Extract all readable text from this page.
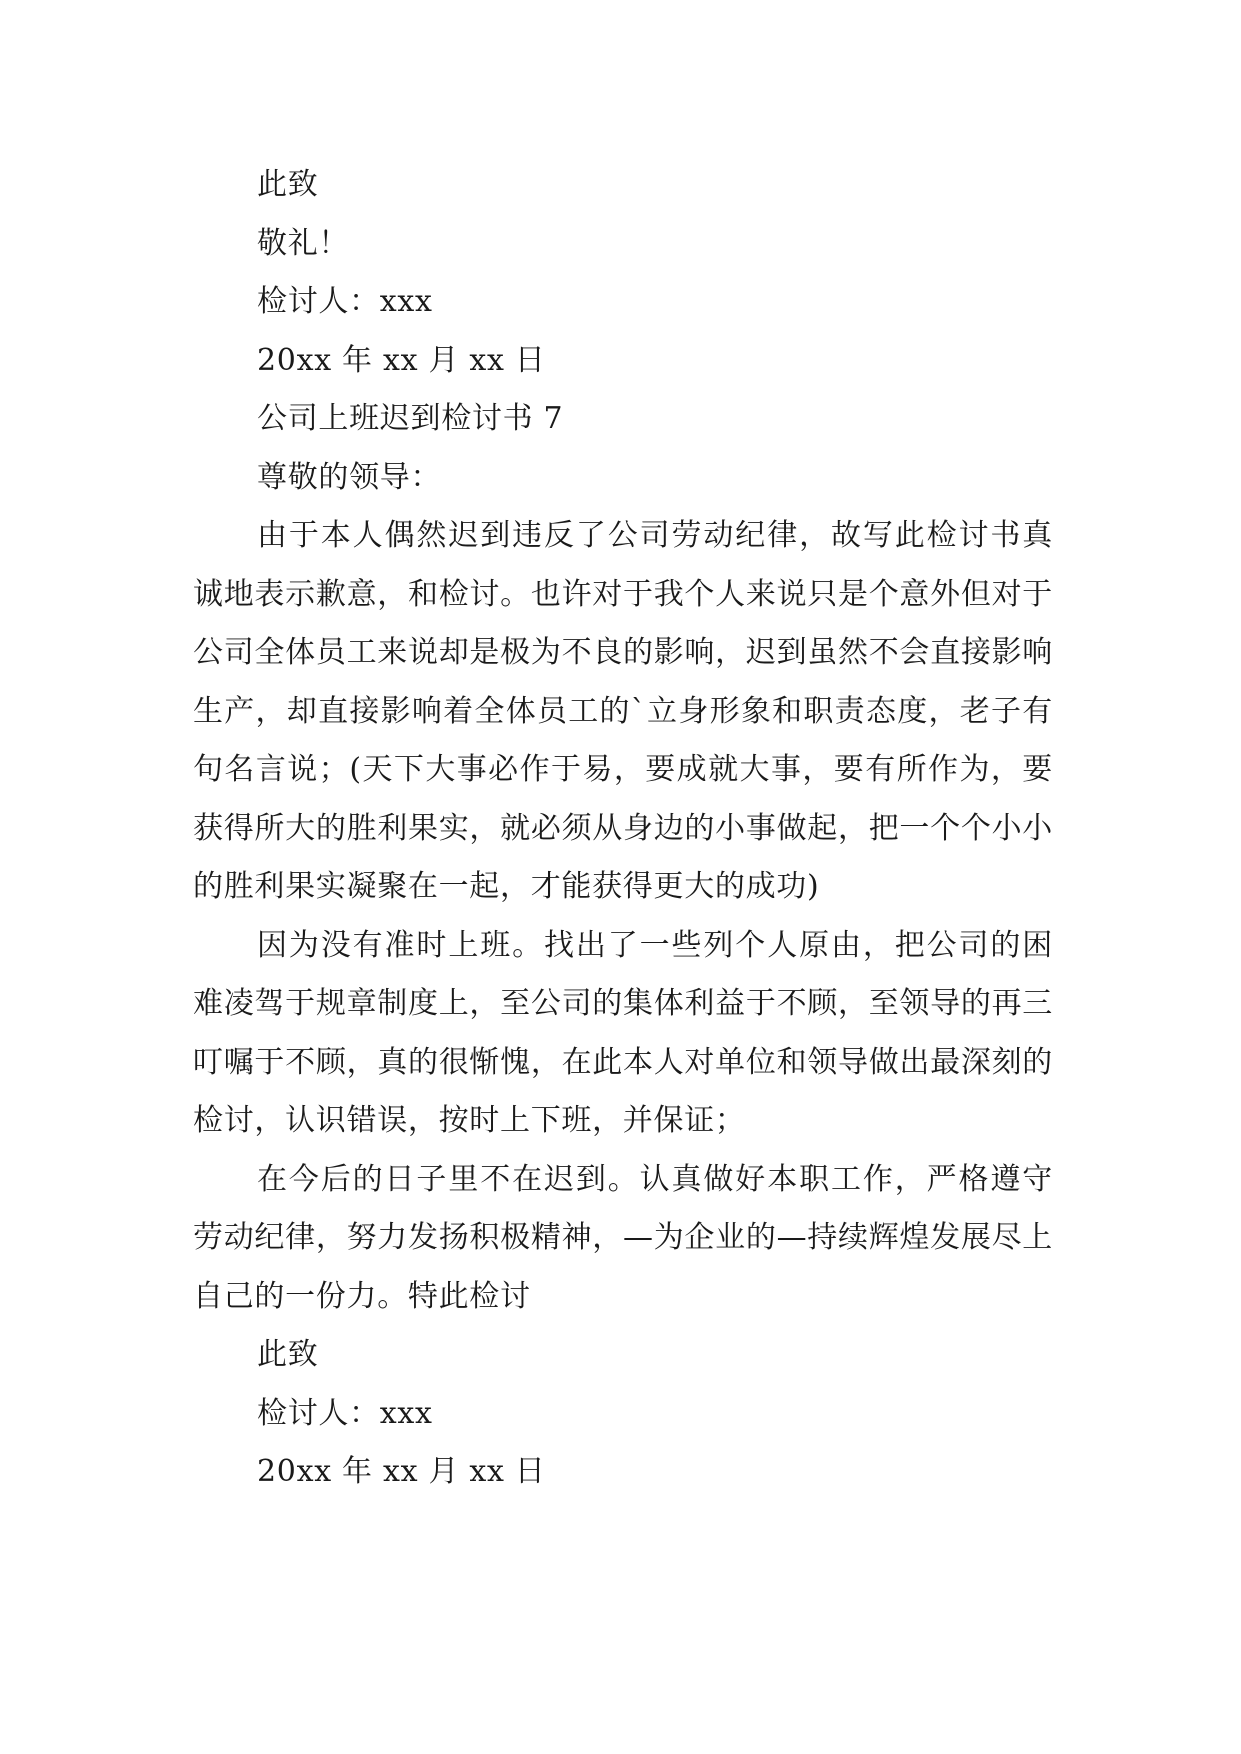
此致

敬礼！

检讨人：xxx

20xx 年 xx 月 xx 日

公司上班迟到检讨书 7

尊敬的领导：

由于本人偶然迟到违反了公司劳动纪律，故写此检讨书真诚地表示歉意，和检讨。也许对于我个人来说只是个意外但对于公司全体员工来说却是极为不良的影响，迟到虽然不会直接影响生产，却直接影响着全体员工的`立身形象和职责态度，老子有句名言说；(天下大事必作于易，要成就大事，要有所作为，要获得所大的胜利果实，就必须从身边的小事做起，把一个个小小的胜利果实凝聚在一起，才能获得更大的成功)

因为没有准时上班。找出了一些列个人原由，把公司的困难凌驾于规章制度上，至公司的集体利益于不顾，至领导的再三叮嘱于不顾，真的很惭愧，在此本人对单位和领导做出最深刻的检讨，认识错误，按时上下班，并保证；

在今后的日子里不在迟到。认真做好本职工作，严格遵守劳动纪律，努力发扬积极精神，—为企业的—持续辉煌发展尽上自己的一份力。特此检讨

此致

检讨人：xxx

20xx 年 xx 月 xx 日
